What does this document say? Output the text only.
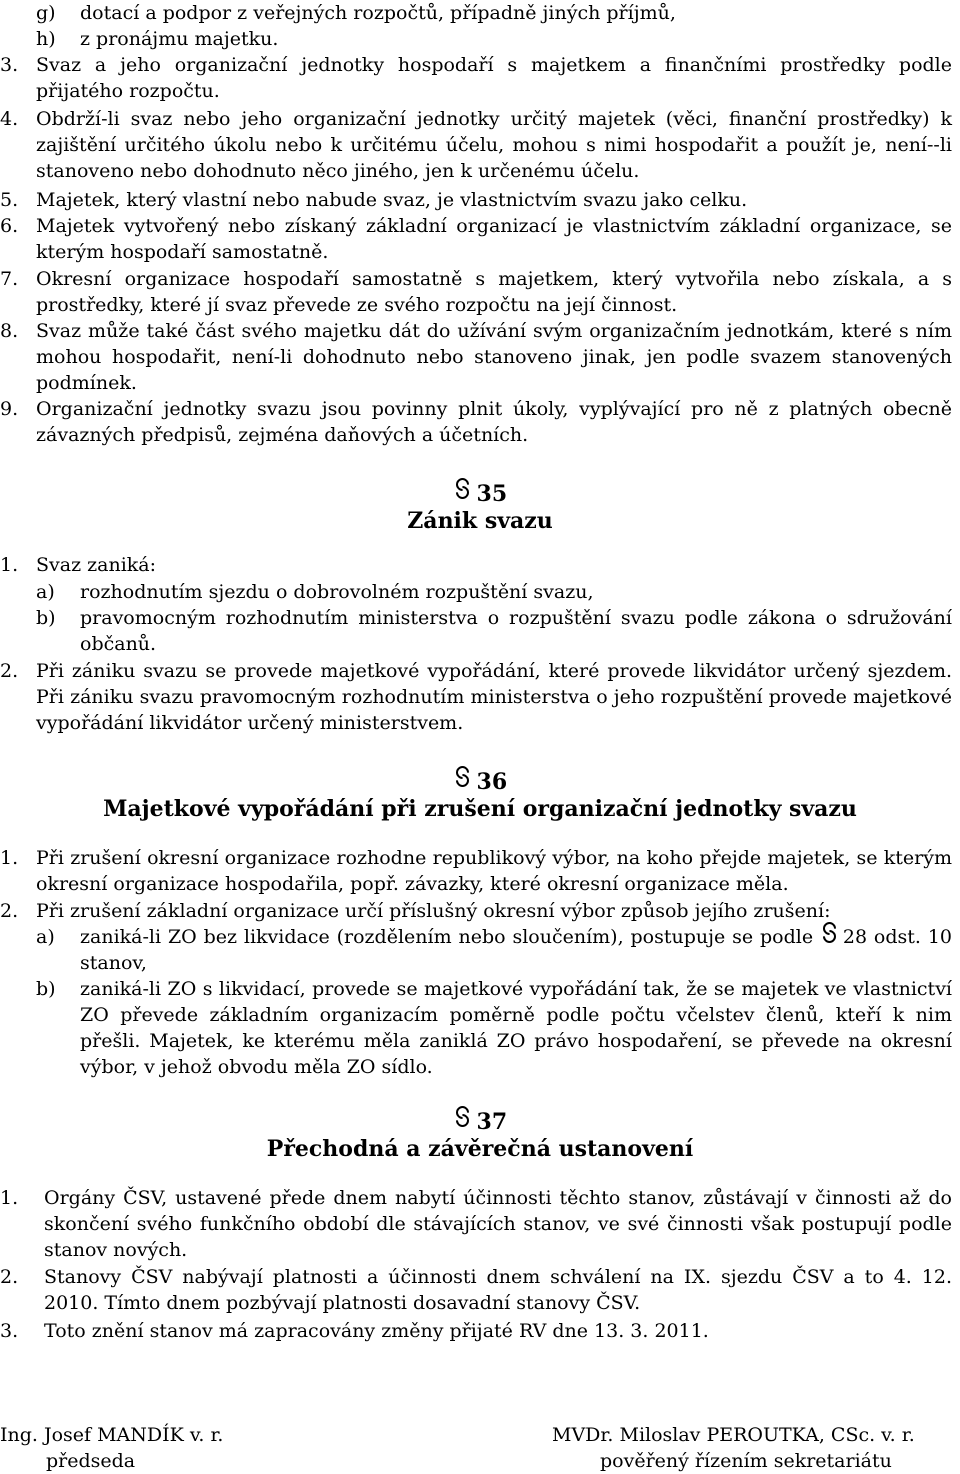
g)	dotací a podpor z veřejných rozpočtů, případně jiných příjmů,
h)	z pronájmu majetku.
3. Svaz a jeho organizační jednotky hospodaří s majetkem a finančními prostředky podle přijatého rozpočtu.
4. Obdrží-li svaz nebo jeho organizační jednotky určitý majetek (věci, finanční prostředky) k zajištění určitého úkolu nebo k určitému účelu, mohou s nimi hospodařit a použít je, není--li stanoveno nebo dohodnuto něco jiného, jen k určenému účelu.
5. Majetek, který vlastní nebo nabude svaz, je vlastnictvím svazu jako celku.
6. Majetek vytvořený nebo získaný základní organizací je vlastnictvím základní organizace, se kterým hospodaří samostatně.
7. Okresní organizace hospodaří samostatně s majetkem, který vytvořila nebo získala, a s prostředky, které jí svaz převede ze svého rozpočtu na její činnost.
8. Svaz může také část svého majetku dát do užívání svým organizačním jednotkám, které s ním mohou hospodařit, není-li dohodnuto nebo stanoveno jinak, jen podle svazem stanovených podmínek.
9. Organizační jednotky svazu jsou povinny plnit úkoly, vyplývající pro ně z platných obecně závazných předpisů, zejména daňových a účetních.
35
Zánik svazu
1. Svaz zaniká:
a)	rozhodnutím sjezdu o dobrovolném rozpuštění svazu,
b)	pravomocným rozhodnutím ministerstva o rozpuštění svazu podle zákona o sdružování občanů.
2. Při zániku svazu se provede majetkové vypořádání, které provede likvidátor určený sjezdem. Při zániku svazu pravomocným rozhodnutím ministerstva o jeho rozpuštění provede majetkové vypořádání likvidátor určený ministerstvem.
36
Majetkové vypořádání při zrušení organizační jednotky svazu
1. Při zrušení okresní organizace rozhodne republikový výbor, na koho přejde majetek, se kterým okresní organizace hospodařila, popř. závazky, které okresní organizace měla.
2. Při zrušení základní organizace určí příslušný okresní výbor způsob jejího zrušení:
a)	zaniká-li ZO bez likvidace (rozdělením nebo sloučením), postupuje se podle 28 odst. 10 stanov,
b)	zaniká-li ZO s likvidací, provede se majetkové vypořádání tak, že se majetek ve vlastnictví ZO převede základním organizacím poměrně podle počtu včelstev členů, kteří k nim přešli. Majetek, ke kterému měla zaniklá ZO právo hospodaření, se převede na okresní výbor, v jehož obvodu měla ZO sídlo.
37
Přechodná a závěrečná ustanovení
1.	Orgány ČSV, ustavené přede dnem nabytí účinnosti těchto stanov, zůstávají v činnosti až do skončení svého funkčního období dle stávajících stanov, ve své činnosti však postupují podle stanov nových.
2.	Stanovy ČSV nabývají platnosti a účinnosti dnem schválení na IX. sjezdu ČSV a to 4. 12. 2010. Tímto dnem pozbývají platnosti dosavadní stanovy ČSV.
3.	Toto znění stanov má zapracovány změny přijaté RV dne 13. 3. 2011.
Ing. Josef MANDÍK v. r.
předseda
MVDr. Miloslav PEROUTKA, CSc. v. r.
pověřený řízením sekretariátu
